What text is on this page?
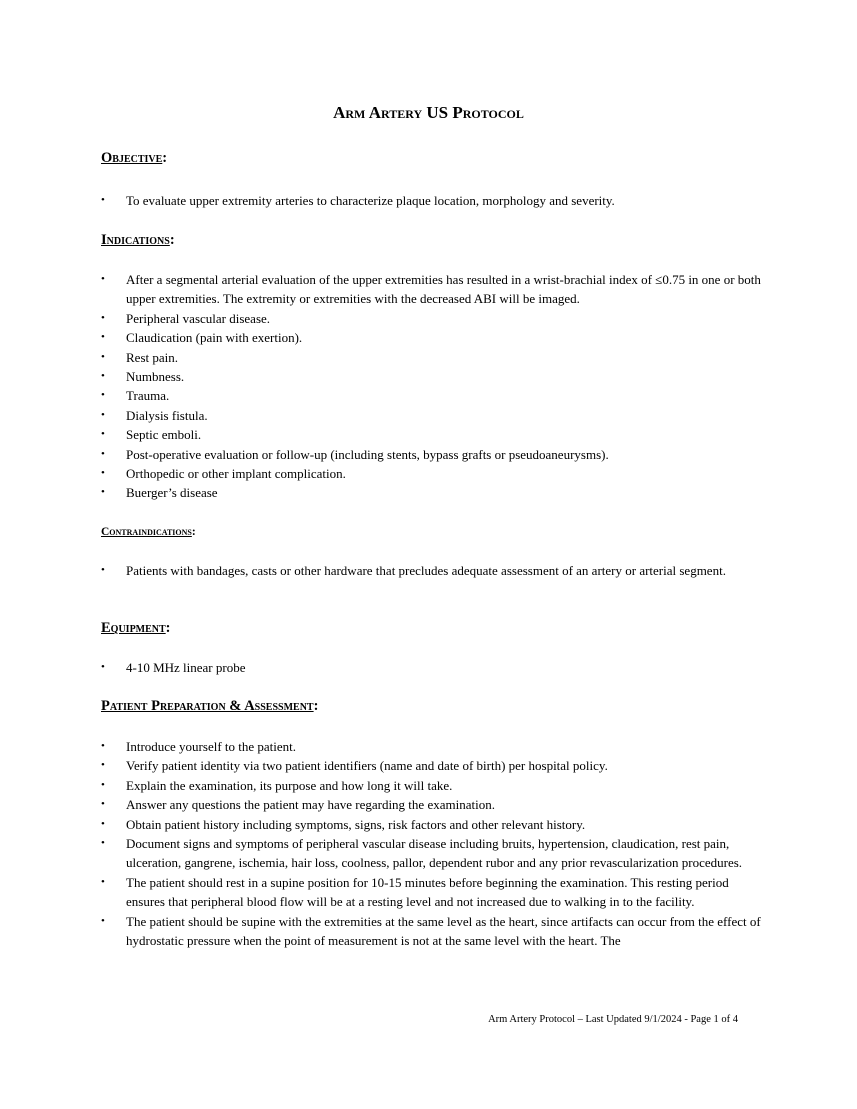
Arm Artery US Protocol
Objective:
•	To evaluate upper extremity arteries to characterize plaque location, morphology and severity.
Indications:
•	After a segmental arterial evaluation of the upper extremities has resulted in a wrist-brachial index of ≤0.75 in one or both upper extremities. The extremity or extremities with the decreased ABI will be imaged.
•	Peripheral vascular disease.
•	Claudication (pain with exertion).
•	Rest pain.
•	Numbness.
•	Trauma.
•	Dialysis fistula.
•	Septic emboli.
•	Post-operative evaluation or follow-up (including stents, bypass grafts or pseudoaneurysms).
•	Orthopedic or other implant complication.
•	Buerger’s disease
Contraindications:
•	Patients with bandages, casts or other hardware that precludes adequate assessment of an artery or arterial segment.
Equipment:
•	4-10 MHz linear probe
Patient Preparation & Assessment:
•	Introduce yourself to the patient.
•	Verify patient identity via two patient identifiers (name and date of birth) per hospital policy.
•	Explain the examination, its purpose and how long it will take.
•	Answer any questions the patient may have regarding the examination.
•	Obtain patient history including symptoms, signs, risk factors and other relevant history.
•	Document signs and symptoms of peripheral vascular disease including bruits, hypertension, claudication, rest pain, ulceration, gangrene, ischemia, hair loss, coolness, pallor, dependent rubor and any prior revascularization procedures.
•	The patient should rest in a supine position for 10-15 minutes before beginning the examination. This resting period ensures that peripheral blood flow will be at a resting level and not increased due to walking in to the facility.
•	The patient should be supine with the extremities at the same level as the heart, since artifacts can occur from the effect of hydrostatic pressure when the point of measurement is not at the same level with the heart. The
Arm Artery Protocol – Last Updated 9/1/2024 - Page 1 of 4
